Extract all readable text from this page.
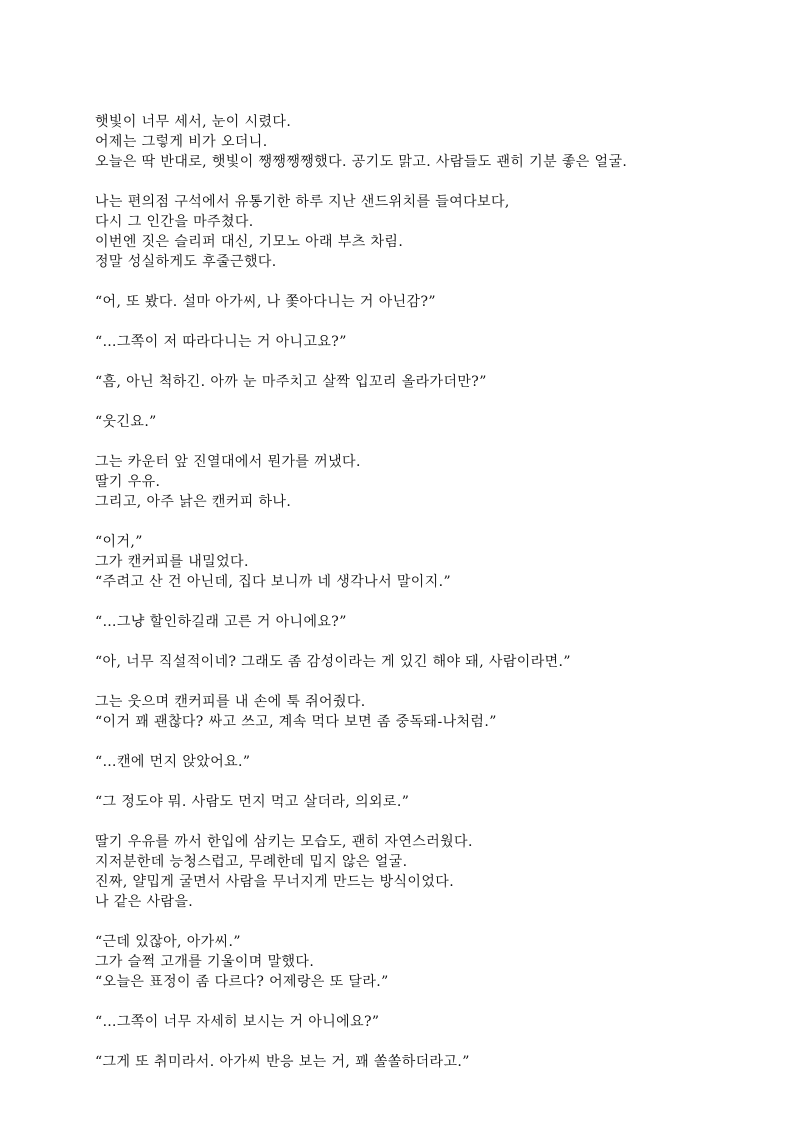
햇빛이 너무 세서, 눈이 시렸다.
어제는 그렇게 비가 오더니.
오늘은 딱 반대로, 햇빛이 쨍쨍쨍쨍했다. 공기도 맑고. 사람들도 괜히 기분 좋은 얼굴.
나는 편의점 구석에서 유통기한 하루 지난 샌드위치를 들여다보다,
다시 그 인간을 마주쳤다.
이번엔 짓은 슬리퍼 대신, 기모노 아래 부츠 차림.
정말 성실하게도 후줄근했다.
“어, 또 봤다. 설마 아가씨, 나 쫓아다니는 거 아닌감?”
“…그쪽이 저 따라다니는 거 아니고요?”
“흠, 아닌 척하긴. 아까 눈 마주치고 살짝 입꼬리 올라가더만?”
“웃긴요.”
그는 카운터 앞 진열대에서 뭔가를 꺼냈다.
딸기 우유.
그리고, 아주 낡은 캔커피 하나.
“이거,”
그가 캔커피를 내밀었다.
“주려고 산 건 아닌데, 집다 보니까 네 생각나서 말이지.”
“…그냥 할인하길래 고른 거 아니에요?”
“아, 너무 직설적이네? 그래도 좀 감성이라는 게 있긴 해야 돼, 사람이라면.”
그는 웃으며 캔커피를 내 손에 툭 쥐어줬다.
“이거 꽤 괜찮다? 싸고 쓰고, 계속 먹다 보면 좀 중독돼-나처럼.”
“…캔에 먼지 앉았어요.”
“그 정도야 뭐. 사람도 먼지 먹고 살더라, 의외로.”
딸기 우유를 까서 한입에 삼키는 모습도, 괜히 자연스러웠다.
지저분한데 능청스럽고, 무례한데 밉지 않은 얼굴.
진짜, 얄밉게 굴면서 사람을 무너지게 만드는 방식이었다.
나 같은 사람을.
“근데 있잖아, 아가씨.”
그가 슬쩍 고개를 기울이며 말했다.
“오늘은 표정이 좀 다르다? 어제랑은 또 달라.”
“…그쪽이 너무 자세히 보시는 거 아니에요?”
“그게 또 취미라서. 아가씨 반응 보는 거, 꽤 쏠쏠하더라고.”
